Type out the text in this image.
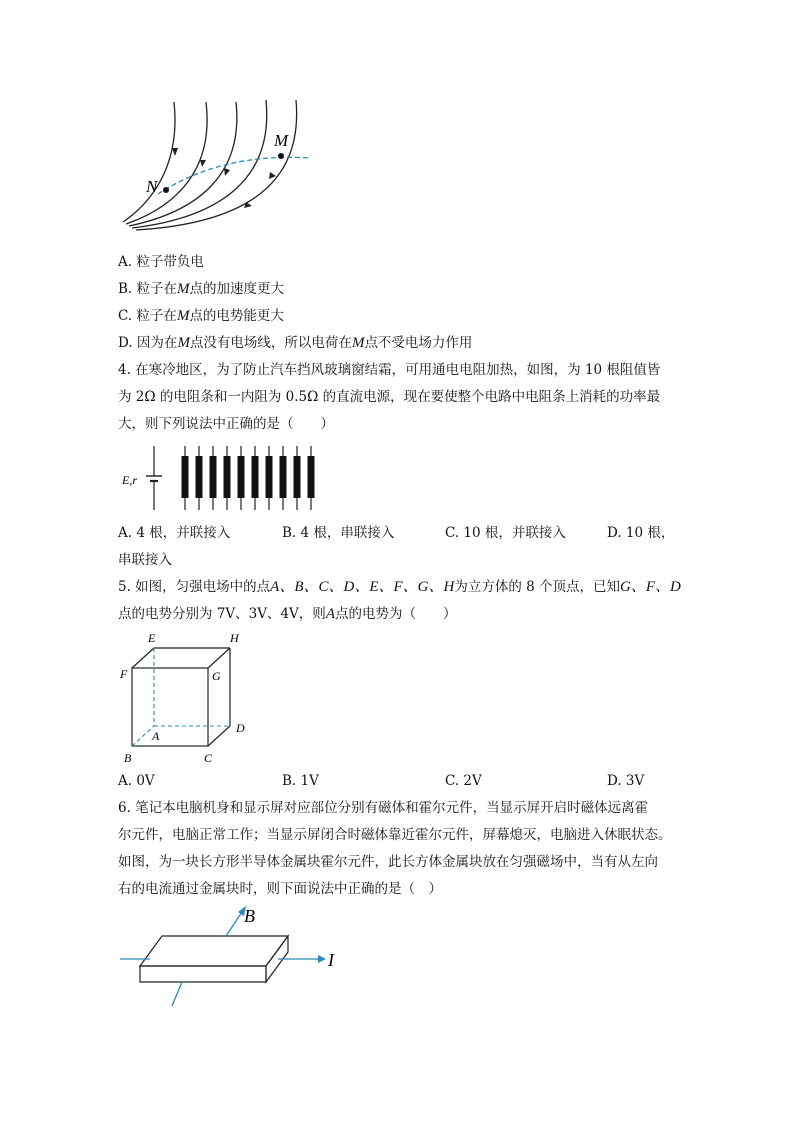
M
N
A. 粒子带负电
B. 粒子在M点的加速度更大
C. 粒子在M点的电势能更大
D. 因为在M点没有电场线，所以电荷在M点不受电场力作用
4. 在寒冷地区，为了防止汽车挡风玻璃窗结霜，可用通电电阻加热，如图，为 10 根阻值皆
为 2Ω 的电阻条和一内阻为 0.5Ω 的直流电源，现在要使整个电路中电阻条上消耗的功率最
大，则下列说法中正确的是（　　）
E,r
A. 4 根，并联接入	B. 4 根，串联接入	C. 10 根，并联接入	D. 10 根，
串联接入
5. 如图，匀强电场中的点A、B、C、D、E、F、G、H为立方体的 8 个顶点，已知G、F、D
点的电势分别为 7V、3V、4V，则A点的电势为（　　）
E	H
F	G
A
D
B	C
A. 0V	B. 1V	C. 2V	D. 3V
6. 笔记本电脑机身和显示屏对应部位分别有磁体和霍尔元件，当显示屏开启时磁体远离霍
尔元件，电脑正常工作；当显示屏闭合时磁体靠近霍尔元件，屏幕熄灭，电脑进入休眠状态。
如图，为一块长方形半导体金属块霍尔元件，此长方体金属块放在匀强磁场中，当有从左向
右的电流通过金属块时，则下面说法中正确的是（　）
B
I
